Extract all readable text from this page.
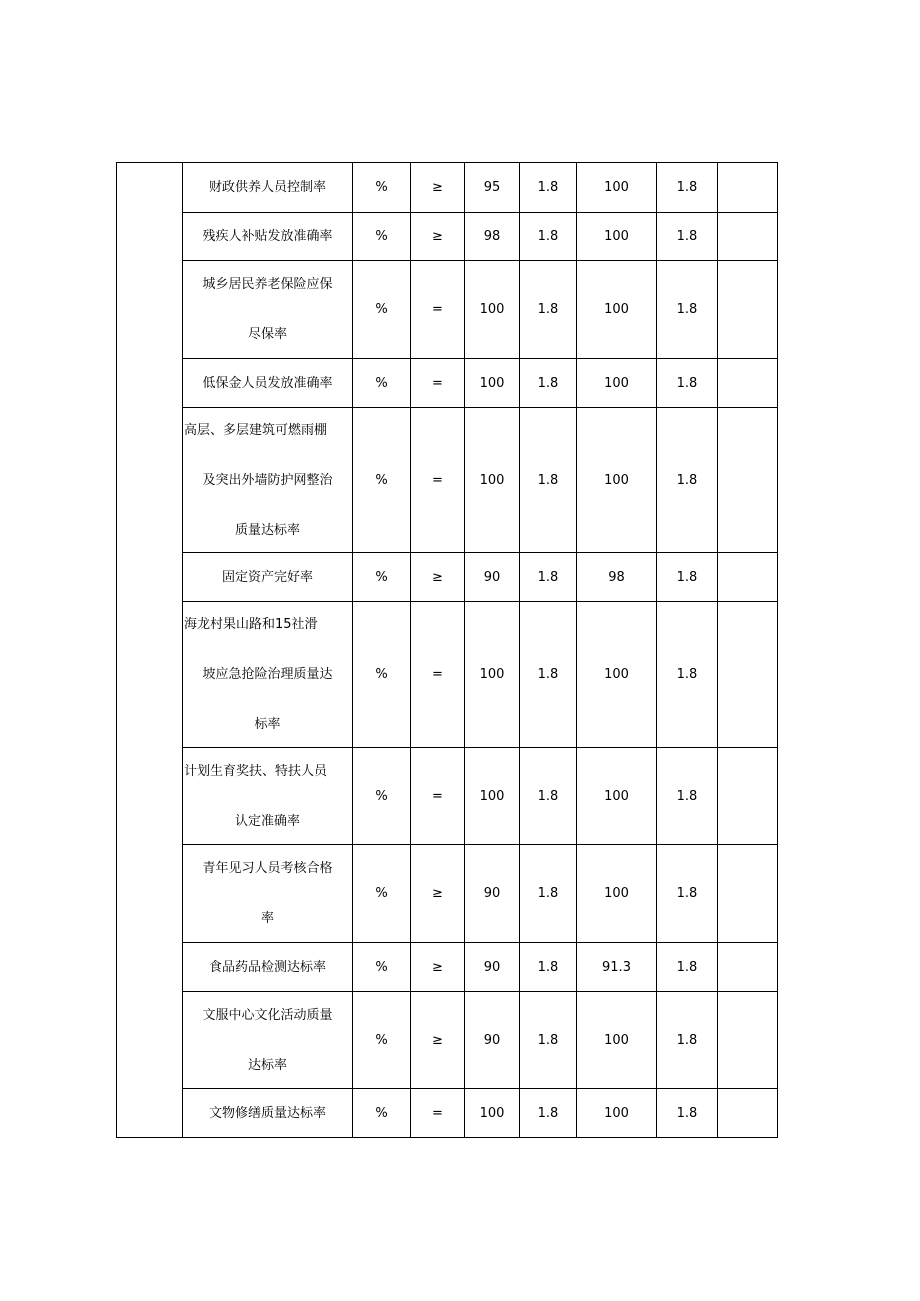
	财政供养人员控制率	%	≥	95	1.8	100	1.8	

	残疾人补贴发放准确率	%	≥	98	1.8	100	1.8	

	城乡居民养老保险应保
尽保率	%	=	100	1.8	100	1.8	

	低保金人员发放准确率	%	=	100	1.8	100	1.8	

	高层、多层建筑可燃雨棚
及突出外墙防护网整治
质量达标率	%	=	100	1.8	100	1.8	

	固定资产完好率	%	≥	90	1.8	98	1.8	

	海龙村果山路和15社滑
坡应急抢险治理质量达
标率	%	=	100	1.8	100	1.8	

	计划生育奖扶、特扶人员
认定准确率	%	=	100	1.8	100	1.8	

	青年见习人员考核合格
率	%	≥	90	1.8	100	1.8	

	食品药品检测达标率	%	≥	90	1.8	91.3	1.8	

	文服中心文化活动质量
达标率	%	≥	90	1.8	100	1.8	

	文物修缮质量达标率	%	=	100	1.8	100	1.8	
